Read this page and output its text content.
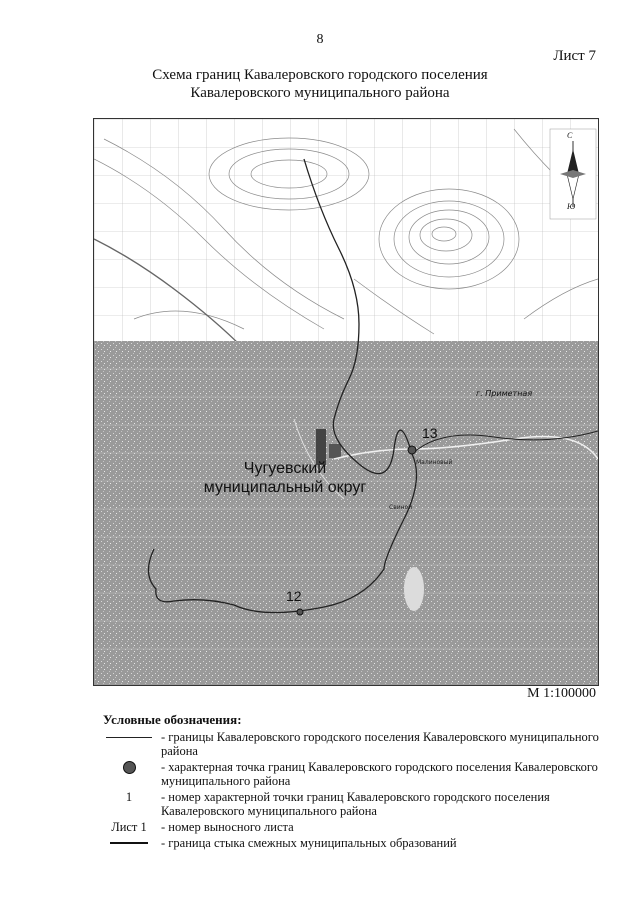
8
Лист 7
Схема границ Кавалеровского городского поселения
Кавалеровского муниципального района
С
Ю
г. Приметная
Малиновый
Свиной
Чугуевский
муниципальный округ
13
12
М 1:100000
Условные обозначения:
- границы Кавалеровского городского поселения Кавалеровского муниципального района
- характерная точка границ Кавалеровского городского поселения Кавалеровского муниципального района
1	- номер характерной точки границ Кавалеровского городского поселения Кавалеровского муниципального района
Лист 1	- номер выносного листа
- граница стыка смежных муниципальных образований
